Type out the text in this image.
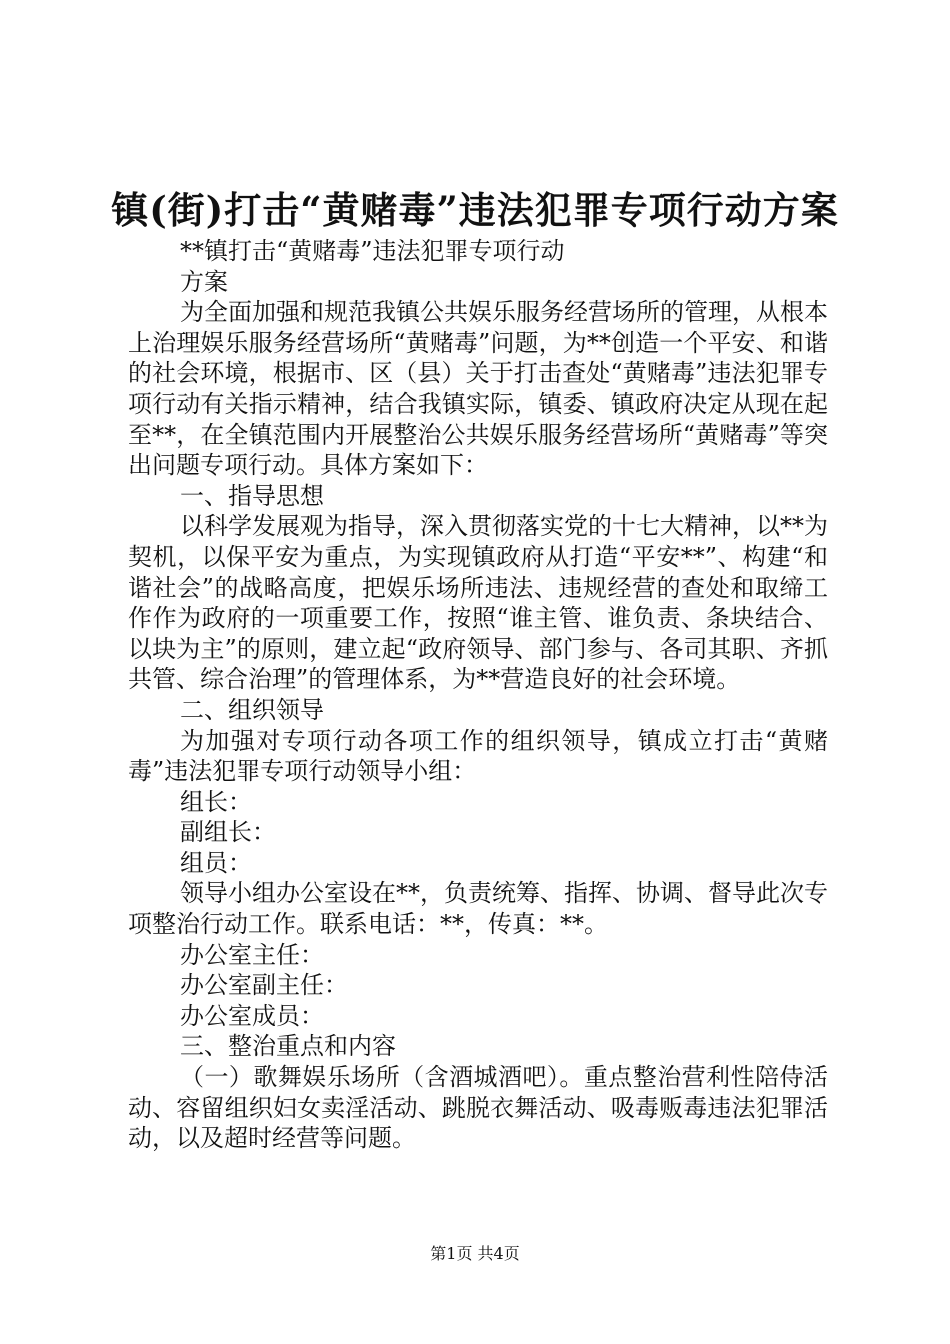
镇(街)打击“黄赌毒”违法犯罪专项行动方案

**镇打击“黄赌毒”违法犯罪专项行动

方案

为全面加强和规范我镇公共娱乐服务经营场所的管理，从根本上治理娱乐服务经营场所“黄赌毒”问题，为**创造一个平安、和谐的社会环境，根据市、区（县）关于打击查处“黄赌毒”违法犯罪专项行动有关指示精神，结合我镇实际，镇委、镇政府决定从现在起至**，在全镇范围内开展整治公共娱乐服务经营场所“黄赌毒”等突出问题专项行动。具体方案如下：

一、指导思想

以科学发展观为指导，深入贯彻落实党的十七大精神，以**为契机，以保平安为重点，为实现镇政府从打造“平安**”、构建“和谐社会”的战略高度，把娱乐场所违法、违规经营的查处和取缔工作作为政府的一项重要工作，按照“谁主管、谁负责、条块结合、以块为主”的原则，建立起“政府领导、部门参与、各司其职、齐抓共管、综合治理”的管理体系，为**营造良好的社会环境。

二、组织领导

为加强对专项行动各项工作的组织领导，镇成立打击“黄赌毒”违法犯罪专项行动领导小组：

组长：

副组长：

组员：

领导小组办公室设在**，负责统筹、指挥、协调、督导此次专项整治行动工作。联系电话：**，传真：**。

办公室主任：

办公室副主任：

办公室成员：

三、整治重点和内容

（一）歌舞娱乐场所（含酒城酒吧）。重点整治营利性陪侍活动、容留组织妇女卖淫活动、跳脱衣舞活动、吸毒贩毒违法犯罪活动，以及超时经营等问题。

第1页 共4页
